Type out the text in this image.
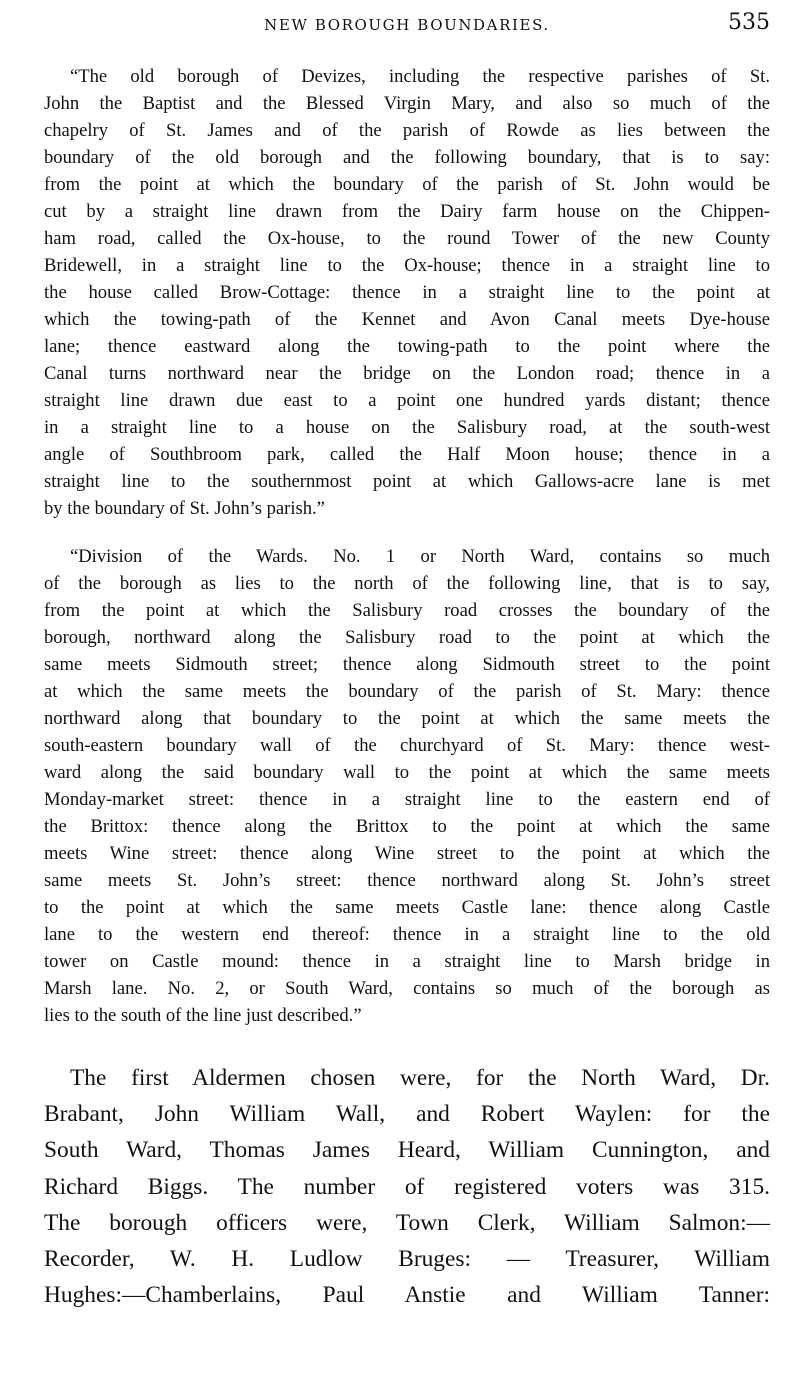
NEW BOROUGH BOUNDARIES.	535
“The old borough of Devizes, including the respective parishes of St.
John the Baptist and the Blessed Virgin Mary, and also so much of the
chapelry of St. James and of the parish of Rowde as lies between the
boundary of the old borough and the following boundary, that is to say:
from the point at which the boundary of the parish of St. John would be
cut by a straight line drawn from the Dairy farm house on the Chippen-
ham road, called the Ox-house, to the round Tower of the new County
Bridewell, in a straight line to the Ox-house; thence in a straight line to
the house called Brow-Cottage: thence in a straight line to the point at
which the towing-path of the Kennet and Avon Canal meets Dye-house
lane; thence eastward along the towing-path to the point where the
Canal turns northward near the bridge on the London road; thence in a
straight line drawn due east to a point one hundred yards distant; thence
in a straight line to a house on the Salisbury road, at the south-west
angle of Southbroom park, called the Half Moon house; thence in a
straight line to the southernmost point at which Gallows-acre lane is met
by the boundary of St. John’s parish.”
“Division of the Wards. No. 1 or North Ward, contains so much
of the borough as lies to the north of the following line, that is to say,
from the point at which the Salisbury road crosses the boundary of the
borough, northward along the Salisbury road to the point at which the
same meets Sidmouth street; thence along Sidmouth street to the point
at which the same meets the boundary of the parish of St. Mary: thence
northward along that boundary to the point at which the same meets the
south-eastern boundary wall of the churchyard of St. Mary: thence west-
ward along the said boundary wall to the point at which the same meets
Monday-market street: thence in a straight line to the eastern end of
the Brittox: thence along the Brittox to the point at which the same
meets Wine street: thence along Wine street to the point at which the
same meets St. John’s street: thence northward along St. John’s street
to the point at which the same meets Castle lane: thence along Castle
lane to the western end thereof: thence in a straight line to the old
tower on Castle mound: thence in a straight line to Marsh bridge in
Marsh lane. No. 2, or South Ward, contains so much of the borough as
lies to the south of the line just described.”
The first Aldermen chosen were, for the North Ward, Dr.
Brabant, John William Wall, and Robert Waylen: for the
South Ward, Thomas James Heard, William Cunnington, and
Richard Biggs. The number of registered voters was 315.
The borough officers were, Town Clerk, William Salmon:—
Recorder, W. H. Ludlow Bruges: — Treasurer, William
Hughes:—Chamberlains, Paul Anstie and William Tanner:
